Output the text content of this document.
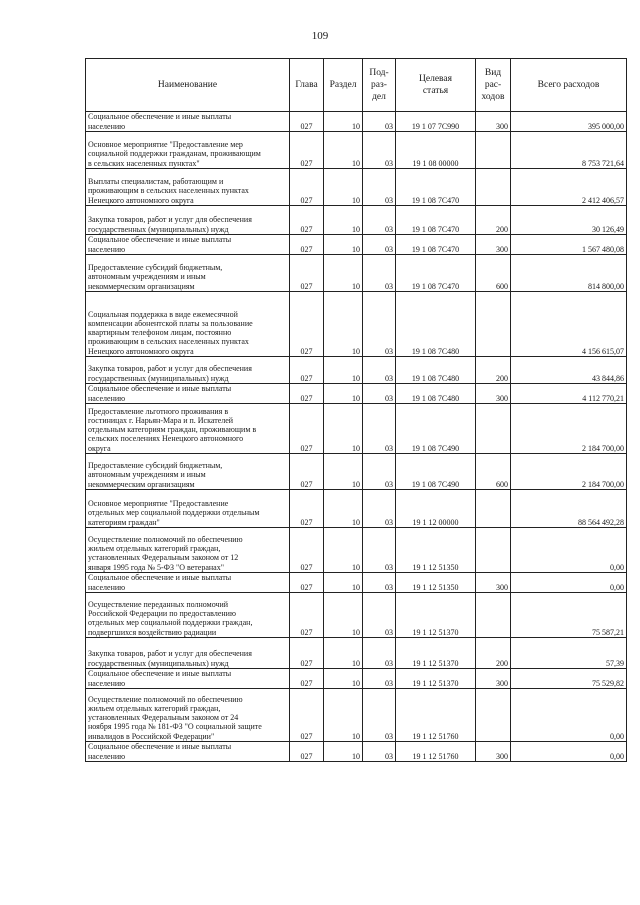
109
Наименование	Глава	Раздел	Под-
раз-
дел	Целевая
статья	Вид
рас-
ходов	Всего расходов
Социальное обеспечение и иные выплаты
населению	027	10	03	19 1 07 7С990	300	395 000,00
Основное мероприятие "Предоставление мер
социальной поддержки гражданам, проживающим
в сельских населенных пунктах"	027	10	03	19 1 08 00000		8 753 721,64
Выплаты специалистам, работающим и
проживающим в сельских населенных пунктах
Ненецкого автономного округа	027	10	03	19 1 08 7С470		2 412 406,57
Закупка товаров, работ и услуг для обеспечения
государственных (муниципальных) нужд	027	10	03	19 1 08 7С470	200	30 126,49
Социальное обеспечение и иные выплаты
населению	027	10	03	19 1 08 7С470	300	1 567 480,08
Предоставление субсидий бюджетным,
автономным учреждениям и иным
некоммерческим организациям	027	10	03	19 1 08 7С470	600	814 800,00
Социальная поддержка в виде ежемесячной
компенсации абонентской платы за пользование
квартирным телефоном лицам, постоянно
проживающим в сельских населенных пунктах
Ненецкого автономного округа	027	10	03	19 1 08 7С480		4 156 615,07
Закупка товаров, работ и услуг для обеспечения
государственных (муниципальных) нужд	027	10	03	19 1 08 7С480	200	43 844,86
Социальное обеспечение и иные выплаты
населению	027	10	03	19 1 08 7С480	300	4 112 770,21
Предоставление льготного проживания в
гостиницах г. Нарьян-Мара и п. Искателей
отдельным категориям граждан, проживающим в
сельских поселениях Ненецкого автономного
округа	027	10	03	19 1 08 7С490		2 184 700,00
Предоставление субсидий бюджетным,
автономным учреждениям и иным
некоммерческим организациям	027	10	03	19 1 08 7С490	600	2 184 700,00
Основное мероприятие "Предоставление
отдельных мер социальной поддержки отдельным
категориям граждан"	027	10	03	19 1 12 00000		88 564 492,28
Осуществление полномочий по обеспечению
жильем отдельных категорий граждан,
установленных Федеральным законом от 12
января 1995 года № 5-ФЗ "О ветеранах"	027	10	03	19 1 12 51350		0,00
Социальное обеспечение и иные выплаты
населению	027	10	03	19 1 12 51350	300	0,00
Осуществление переданных полномочий
Российской Федерации по предоставлению
отдельных мер социальной поддержки граждан,
подвергшихся воздействию радиации	027	10	03	19 1 12 51370		75 587,21
Закупка товаров, работ и услуг для обеспечения
государственных (муниципальных) нужд	027	10	03	19 1 12 51370	200	57,39
Социальное обеспечение и иные выплаты
населению	027	10	03	19 1 12 51370	300	75 529,82
Осуществление полномочий по обеспечению
жильем отдельных категорий граждан,
установленных Федеральным законом от 24
ноября 1995 года № 181-ФЗ "О социальной защите
инвалидов в Российской Федерации"	027	10	03	19 1 12 51760		0,00
Социальное обеспечение и иные выплаты
населению	027	10	03	19 1 12 51760	300	0,00
